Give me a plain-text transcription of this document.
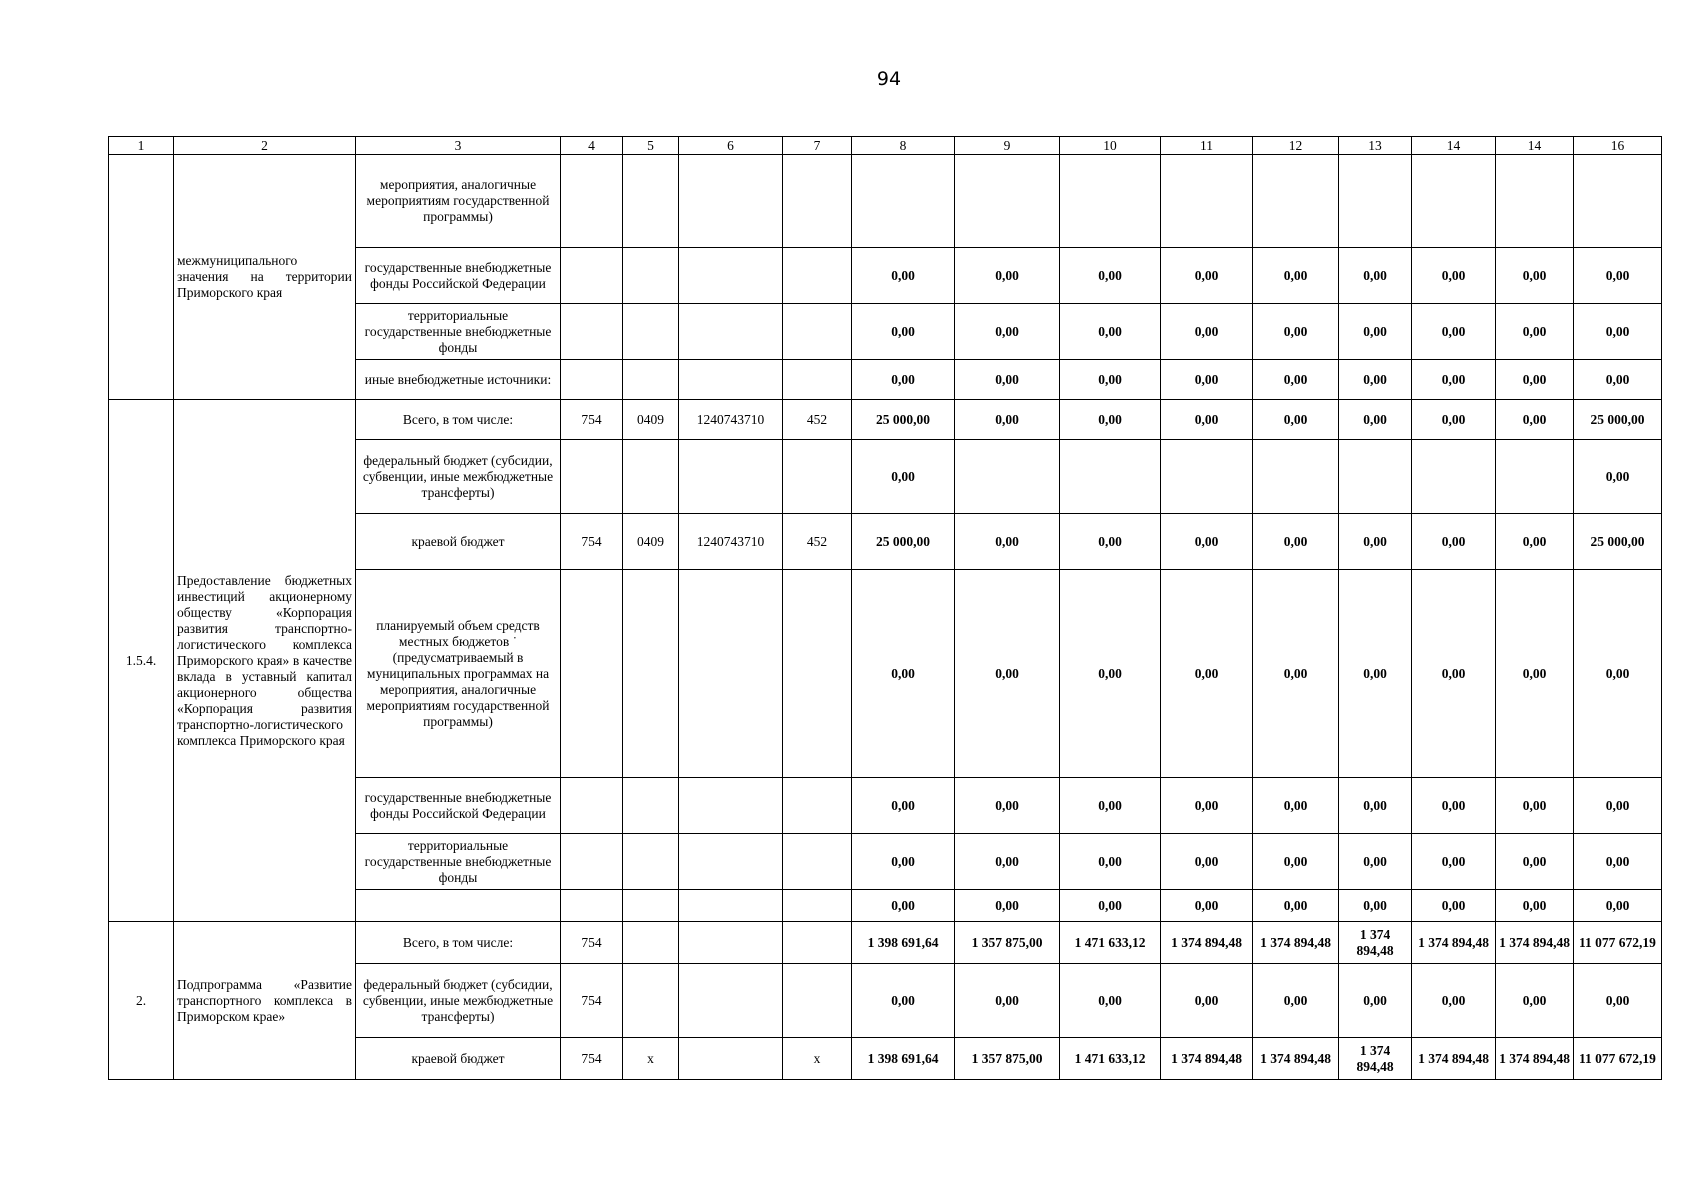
94
1	2	3	4	5	6	7	8	9	10	11	12	13	14	14	16
	межмуниципального значения на территории Приморского края	мероприятия, аналогичные мероприятиям государственной программы)													
		государственные внебюджетные фонды Российской Федерации					0,00	0,00	0,00	0,00	0,00	0,00	0,00	0,00	0,00
		территориальные государственные внебюджетные фонды					0,00	0,00	0,00	0,00	0,00	0,00	0,00	0,00	0,00
		иные внебюджетные источники:					0,00	0,00	0,00	0,00	0,00	0,00	0,00	0,00	0,00
1.5.4.	Предоставление бюджетных инвестиций акционерному обществу «Корпорация развития транспортно-логистического комплекса Приморского края» в качестве вклада в уставный капитал акционерного общества «Корпорация развития транспортно-логистического комплекса Приморского края	Всего, в том числе:	754	0409	1240743710	452	25 000,00	0,00	0,00	0,00	0,00	0,00	0,00	0,00	25 000,00
		федеральный бюджет (субсидии, субвенции, иные межбюджетные трансферты)					0,00								0,00
		краевой бюджет	754	0409	1240743710	452	25 000,00	0,00	0,00	0,00	0,00	0,00	0,00	0,00	25 000,00
		планируемый объем средств местных бюджетов ˙ (предусматриваемый в муниципальных программах на мероприятия, аналогичные мероприятиям государственной программы)					0,00	0,00	0,00	0,00	0,00	0,00	0,00	0,00	0,00
		государственные внебюджетные фонды Российской Федерации					0,00	0,00	0,00	0,00	0,00	0,00	0,00	0,00	0,00
		территориальные государственные внебюджетные фонды					0,00	0,00	0,00	0,00	0,00	0,00	0,00	0,00	0,00
							0,00	0,00	0,00	0,00	0,00	0,00	0,00	0,00	0,00
2.	Подпрограмма «Развитие транспортного комплекса в Приморском крае»	Всего, в том числе:	754				1 398 691,64	1 357 875,00	1 471 633,12	1 374 894,48	1 374 894,48	1 374 894,48	1 374 894,48	1 374 894,48	11 077 672,19
		федеральный бюджет (субсидии, субвенции, иные межбюджетные трансферты)	754				0,00	0,00	0,00	0,00	0,00	0,00	0,00	0,00	0,00
		краевой бюджет	754	x		x	1 398 691,64	1 357 875,00	1 471 633,12	1 374 894,48	1 374 894,48	1 374 894,48	1 374 894,48	1 374 894,48	11 077 672,19
